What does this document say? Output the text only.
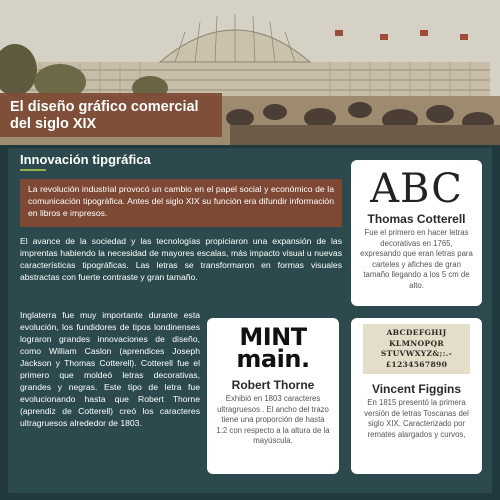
El diseño gráfico comercial
del siglo XIX
Innovación tipgráfica
La revolución industrial provocó un cambio en el papel social y económico de la comunicación tipográfica. Antes del siglo XIX su función era difundir información en libros e impresos.
El avance de la sociedad y las tecnologías propiciaron una expansión de las imprentas habiendo la necesidad de mayores escalas, más impacto visual u nuevas características tipográficas. Las letras se transformaron en formas visuales abstractas con fuerte contraste y gran tamaño.
Inglaterra fue muy importante durante esta evolución, los fundidores de tipos londinenses lograron grandes innovaciones de diseño, como William Caslon (aprendices Joseph Jackson y Thomas Cotterell). Cotterell fue el primero que moldeó letras decorativas, grandes y negras. Este tipo de letra fue evolucionando hasta que Robert Thorne (aprendiz de Cotterell) creó los caracteres ultragruesos alrededor de 1803.
ABC
Thomas Cotterell
Fue el primero en hacer letras decorativas en 1765, expresando que eran letras para carteles y afiches de gran tamaño llegando a los 5 cm de alto.
MINT
main.
Robert Thorne
Exhibió en 1803 caracteres ultragruesos . El ancho del trazo tiene una proporción de hasta 1:2 con respecto a la altura de la mayúscula.
ABCDEFGHIJ
KLMNOPQR
STUVWXYZ&;:.-
£1234567890
Vincent Figgins
En 1815 presentó la primera versión de letras Toscanas del siglo XIX. Caracterizado por remates alargados y curvos,
